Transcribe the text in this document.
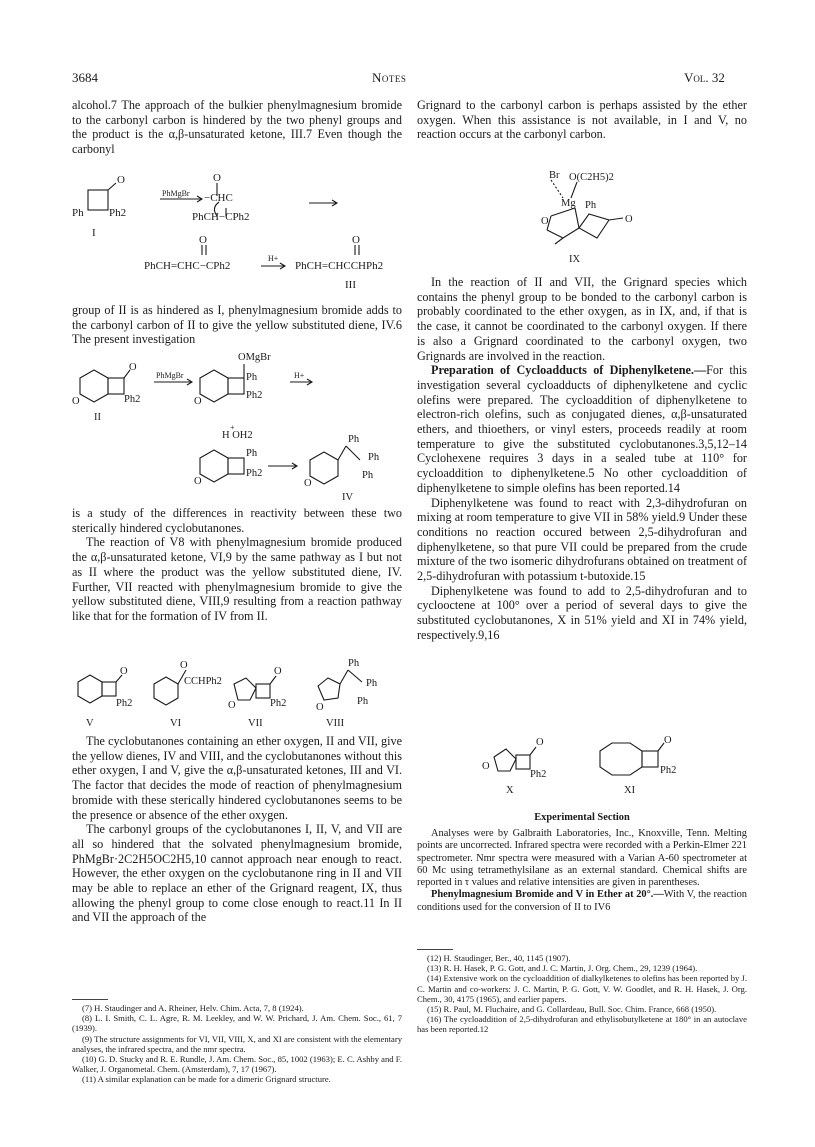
3684	Notes	Vol. 32

alcohol.7 The approach of the bulkier phenylmagnesium bromide to the carbonyl carbon is hindered by the two phenyl groups and the product is the α,β-unsaturated ketone, III.7 Even though the carbonyl

O
Ph Ph2
I
PhMgBr
O
−CHC
PhCH−CPh2
O
PhCH=CHC−CPh2
H+
O
PhCH=CHCCHPh2
III

group of II is as hindered as I, phenylmagnesium bromide adds to the carbonyl carbon of II to give the yellow substituted diene, IV.6 The present investigation

O
Ph2
O
II
PhMgBr
OMgBr
Ph
Ph2
O
H+
H OH2
+
Ph
Ph2
O
Ph
Ph
Ph
O
IV

is a study of the differences in reactivity between these two sterically hindered cyclobutanones.

The reaction of V8 with phenylmagnesium bromide produced the α,β-unsaturated ketone, VI,9 by the same pathway as I but not as II where the product was the yellow substituted diene, IV. Further, VII reacted with phenylmagnesium bromide to give the yellow substituted diene, VIII,9 resulting from a reaction pathway like that for the formation of IV from II.

O
Ph2
V
O
CCHPh2
VI
O
Ph2
O
VII
Ph
Ph
Ph
O
VIII

The cyclobutanones containing an ether oxygen, II and VII, give the yellow dienes, IV and VIII, and the cyclobutanones without this ether oxygen, I and V, give the α,β-unsaturated ketones, III and VI. The factor that decides the mode of reaction of phenylmagnesium bromide with these sterically hindered cyclobutanones seems to be the presence or absence of the ether oxygen.

The carbonyl groups of the cyclobutanones I, II, V, and VII are all so hindered that the solvated phenylmagnesium bromide, PhMgBr·2C2H5OC2H5,10 cannot approach near enough to react. However, the ether oxygen on the cyclobutanone ring in II and VII may be able to replace an ether of the Grignard reagent, IX, thus allowing the phenyl group to come close enough to react.11 In II and VII the approach of the

(7) H. Staudinger and A. Rheiner, Helv. Chim. Acta, 7, 8 (1924).
(8) L. I. Smith, C. L. Agre, R. M. Leekley, and W. W. Prichard, J. Am. Chem. Soc., 61, 7 (1939).
(9) The structure assignments for VI, VII, VIII, X, and XI are consistent with the elementary analyses, the infrared spectra, and the nmr spectra.
(10) G. D. Stucky and R. E. Rundle, J. Am. Chem. Soc., 85, 1002 (1963); E. C. Ashby and F. Walker, J. Organometal. Chem. (Amsterdam), 7, 17 (1967).
(11) A similar explanation can be made for a dimeric Grignard structure.

Grignard to the carbonyl carbon is perhaps assisted by the ether oxygen. When this assistance is not available, in I and V, no reaction occurs at the carbonyl carbon.

Br O(C2H5)2
Mg Ph
O
O
IX

In the reaction of II and VII, the Grignard species which contains the phenyl group to be bonded to the carbonyl carbon is probably coordinated to the ether oxygen, as in IX, and, if that is the case, it cannot be coordinated to the carbonyl oxygen. If there is also a Grignard coordinated to the carbonyl oxygen, two Grignards are involved in the reaction.

Preparation of Cycloadducts of Diphenylketene.—For this investigation several cycloadducts of diphenylketene and cyclic olefins were prepared. The cycloaddition of diphenylketene to electron-rich olefins, such as conjugated dienes, α,β-unsaturated ethers, and thioethers, or vinyl esters, proceeds readily at room temperature to give the substituted cyclobutanones.3,5,12–14 Cyclohexene requires 3 days in a sealed tube at 110° for cycloaddition to diphenylketene.5 No other cycloaddition of diphenylketene to simple olefins has been reported.14

Diphenylketene was found to react with 2,3-dihydrofuran on mixing at room temperature to give VII in 58% yield.9 Under these conditions no reaction occured between 2,5-dihydrofuran and diphenylketene, so that pure VII could be prepared from the crude mixture of the two isomeric dihydrofurans obtained on treatment of 2,5-dihydrofuran with potassium t-butoxide.15

Diphenylketene was found to add to 2,5-dihydrofuran and to cyclooctene at 100° over a period of several days to give the substituted cyclobutanones, X in 51% yield and XI in 74% yield, respectively.9,16

O
Ph2
O
X
O
Ph2
XI
Experimental Section
Analyses were by Galbraith Laboratories, Inc., Knoxville, Tenn. Melting points are uncorrected. Infrared spectra were recorded with a Perkin-Elmer 221 spectrometer. Nmr spectra were measured with a Varian A-60 spectrometer at 60 Mc using tetramethylsilane as an external standard. Chemical shifts are reported in τ values and relative intensities are given in parentheses.
Phenylmagnesium Bromide and V in Ether at 20°.—With V, the reaction conditions used for the conversion of II to IV6
(12) H. Staudinger, Ber., 40, 1145 (1907).
(13) R. H. Hasek, P. G. Gott, and J. C. Martin, J. Org. Chem., 29, 1239 (1964).
(14) Extensive work on the cycloaddition of dialkylketenes to olefins has been reported by J. C. Martin and co-workers: J. C. Martin, P. G. Gott, V. W. Goodlet, and R. H. Hasek, J. Org. Chem., 30, 4175 (1965), and earlier papers.
(15) R. Paul, M. Fluchaire, and G. Collardeau, Bull. Soc. Chim. France, 668 (1950).
(16) The cycloaddition of 2,5-dihydrofuran and ethylisobutylketene at 180° in an autoclave has been reported.12
